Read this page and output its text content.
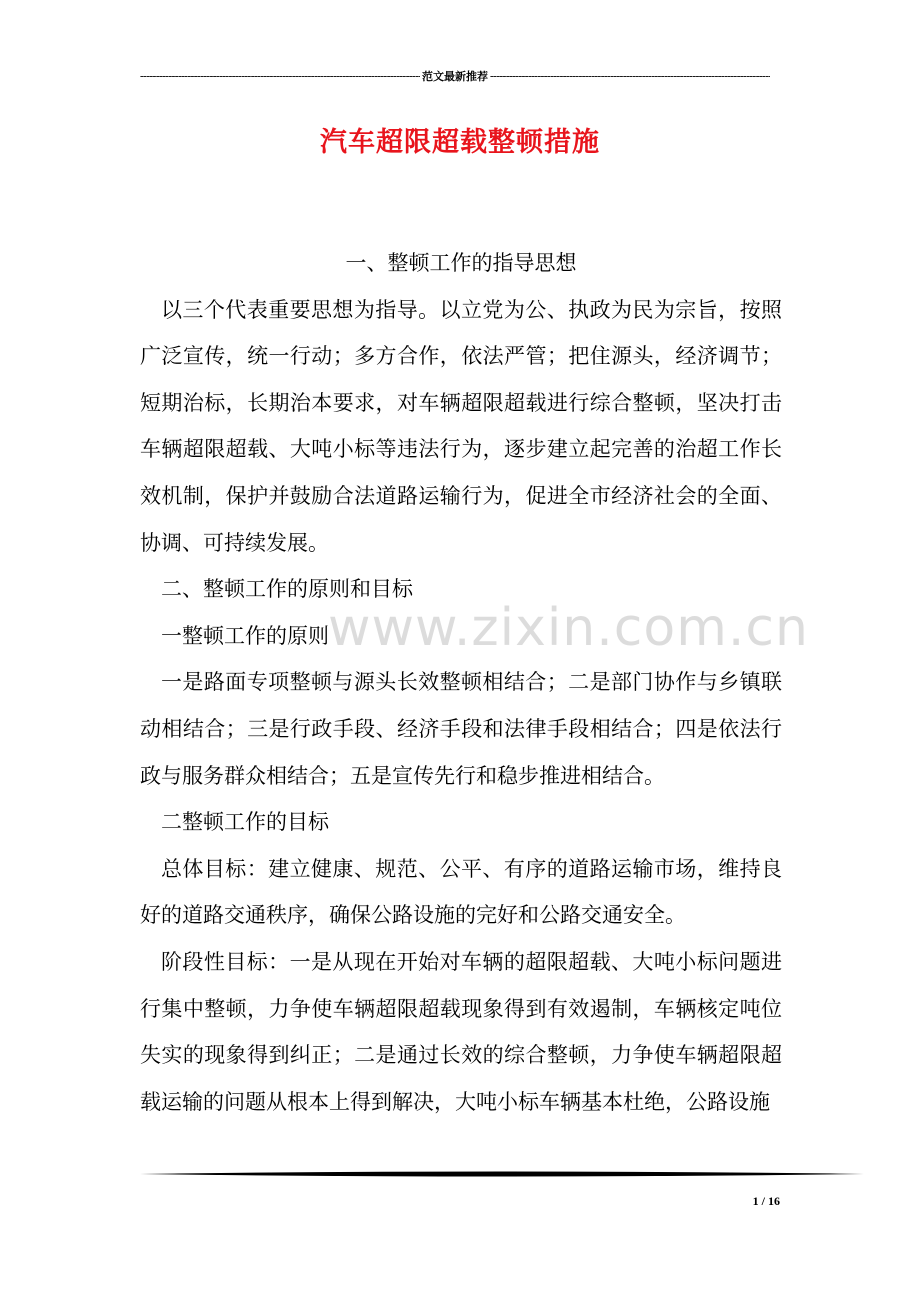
-----
范文最新推荐
-----
汽车超限超载整顿措施
www.zixin.com.cn

一、整顿工作的指导思想

以三个代表重要思想为指导。以立党为公、执政为民为宗旨，按照广泛宣传，统一行动；多方合作，依法严管；把住源头，经济调节；短期治标，长期治本要求，对车辆超限超载进行综合整顿，坚决打击车辆超限超载、大吨小标等违法行为，逐步建立起完善的治超工作长效机制，保护并鼓励合法道路运输行为，促进全市经济社会的全面、协调、可持续发展。

二、整顿工作的原则和目标

一整顿工作的原则

一是路面专项整顿与源头长效整顿相结合；二是部门协作与乡镇联动相结合；三是行政手段、经济手段和法律手段相结合；四是依法行政与服务群众相结合；五是宣传先行和稳步推进相结合。

二整顿工作的目标

总体目标：建立健康、规范、公平、有序的道路运输市场，维持良好的道路交通秩序，确保公路设施的完好和公路交通安全。

阶段性目标：一是从现在开始对车辆的超限超载、大吨小标问题进行集中整顿，力争使车辆超限超载现象得到有效遏制，车辆核定吨位失实的现象得到纠正；二是通过长效的综合整顿，力争使车辆超限超载运输的问题从根本上得到解决，大吨小标车辆基本杜绝，公路设施

1 / 16
